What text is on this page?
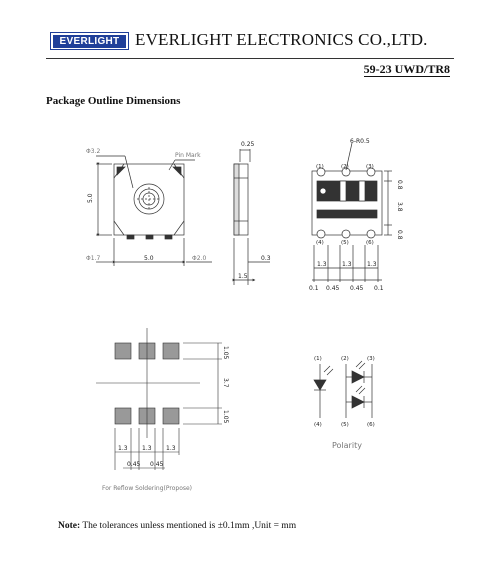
EVERLIGHT EVERLIGHT ELECTRONICS CO.,LTD.
59-23 UWD/TR8
Package Outline Dimensions
Φ3.2
Pin Mark
5.0
5.0
Φ1.7	Φ2.0
0.25
0.3
1.5
6-R0.5
(1)	(2)	(3)
(4)	(5)	(6)
0.8
3.8
0.8
1.3	1.3	1.3
0.1 0.45 0.45 0.1
1.05
3.7
1.05
1.3 1.3 1.3
0.45 0.45
For Reflow Soldering(Propose)
(1)	(2)	(3)
(4)	(5)	(6)
Polarity
Note: The tolerances unless mentioned is ±0.1mm ,Unit = mm
